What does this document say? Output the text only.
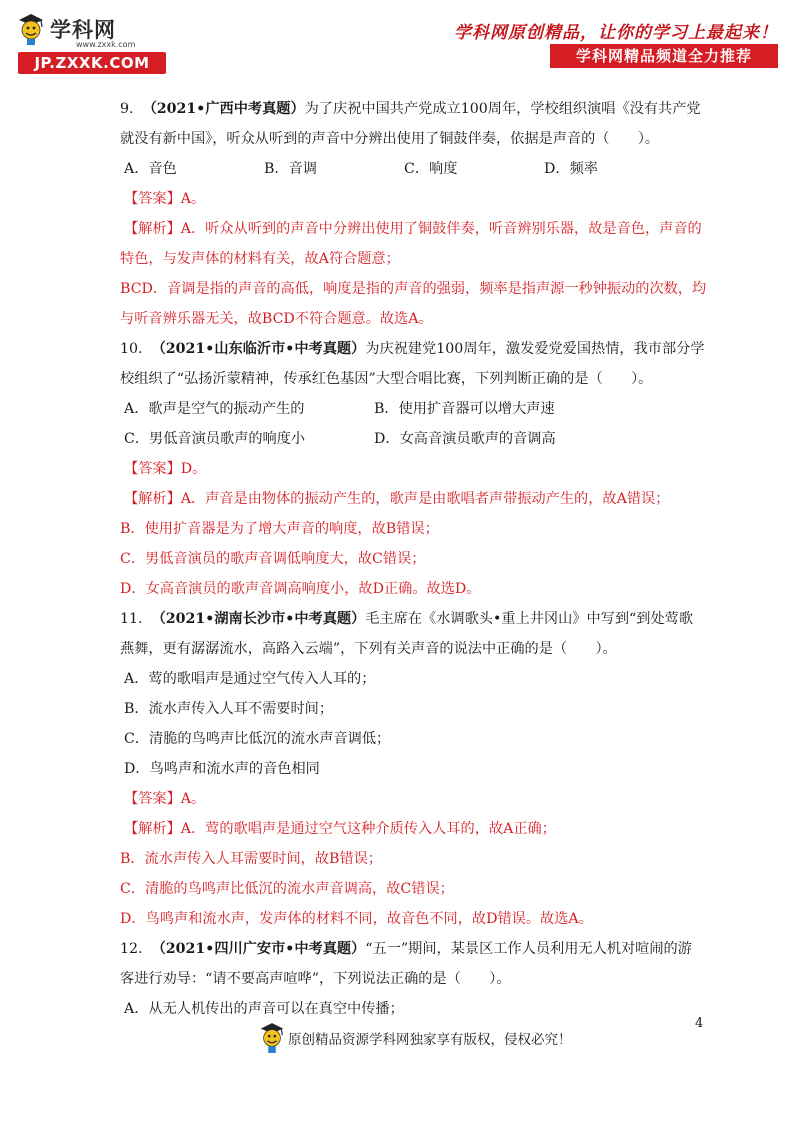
学科网
www.zxxk.com
JP.ZXXK.COM
学科网原创精品，让你的学习上最起来！
学科网精品频道全力推荐

9.
（2021•广西中考真题） 为了庆祝中国共产党成立100周年，学校组织演唱《没有共产党

就没有新中国》，听众从听到的声音中分辨出使用了铜鼓伴奏，依据是声音的（　　）。

A．音色	B．音调	C．响度	D．频率

【答案】A。

【解析】A．听众从听到的声音中分辨出使用了铜鼓伴奏，听音辨别乐器，故是音色，声音的

特色，与发声体的材料有关，故A符合题意；

BCD．音调是指的声音的高低，响度是指的声音的强弱，频率是指声源一秒钟振动的次数，均

与听音辨乐器无关，故BCD不符合题意。故选A。

10.
（2021•山东临沂市•中考真题） 为庆祝建党100周年，激发爱党爱国热情，我市部分学

校组织了“弘扬沂蒙精神，传承红色基因”大型合唱比赛，下列判断正确的是（　　）。

A．歌声是空气的振动产生的	B．使用扩音器可以增大声速

C．男低音演员歌声的响度小	D．女高音演员歌声的音调高

【答案】D。

【解析】A．声音是由物体的振动产生的，歌声是由歌唱者声带振动产生的，故A错误；

B．使用扩音器是为了增大声音的响度，故B错误；

C．男低音演员的歌声音调低响度大，故C错误；

D．女高音演员的歌声音调高响度小，故D正确。故选D。

11.
（2021•湖南长沙市•中考真题） 毛主席在《水调歌头•重上井冈山》中写到“到处莺歌

燕舞，更有潺潺流水，高路入云端”，下列有关声音的说法中正确的是（　　）。

A．莺的歌唱声是通过空气传入人耳的；

B．流水声传入人耳不需要时间；

C．清脆的鸟鸣声比低沉的流水声音调低；

D．鸟鸣声和流水声的音色相同

【答案】A。

【解析】A．莺的歌唱声是通过空气这种介质传入人耳的，故A正确；

B．流水声传入人耳需要时间，故B错误；

C．清脆的鸟鸣声比低沉的流水声音调高，故C错误；

D．鸟鸣声和流水声，发声体的材料不同，故音色不同，故D错误。故选A。

12.
（2021•四川广安市•中考真题） “五一”期间，某景区工作人员利用无人机对喧闹的游

客进行劝导：“请不要高声喧哗”，下列说法正确的是（　　）。

A．从无人机传出的声音可以在真空中传播；

4
原创精品资源学科网独家享有版权，侵权必究！
